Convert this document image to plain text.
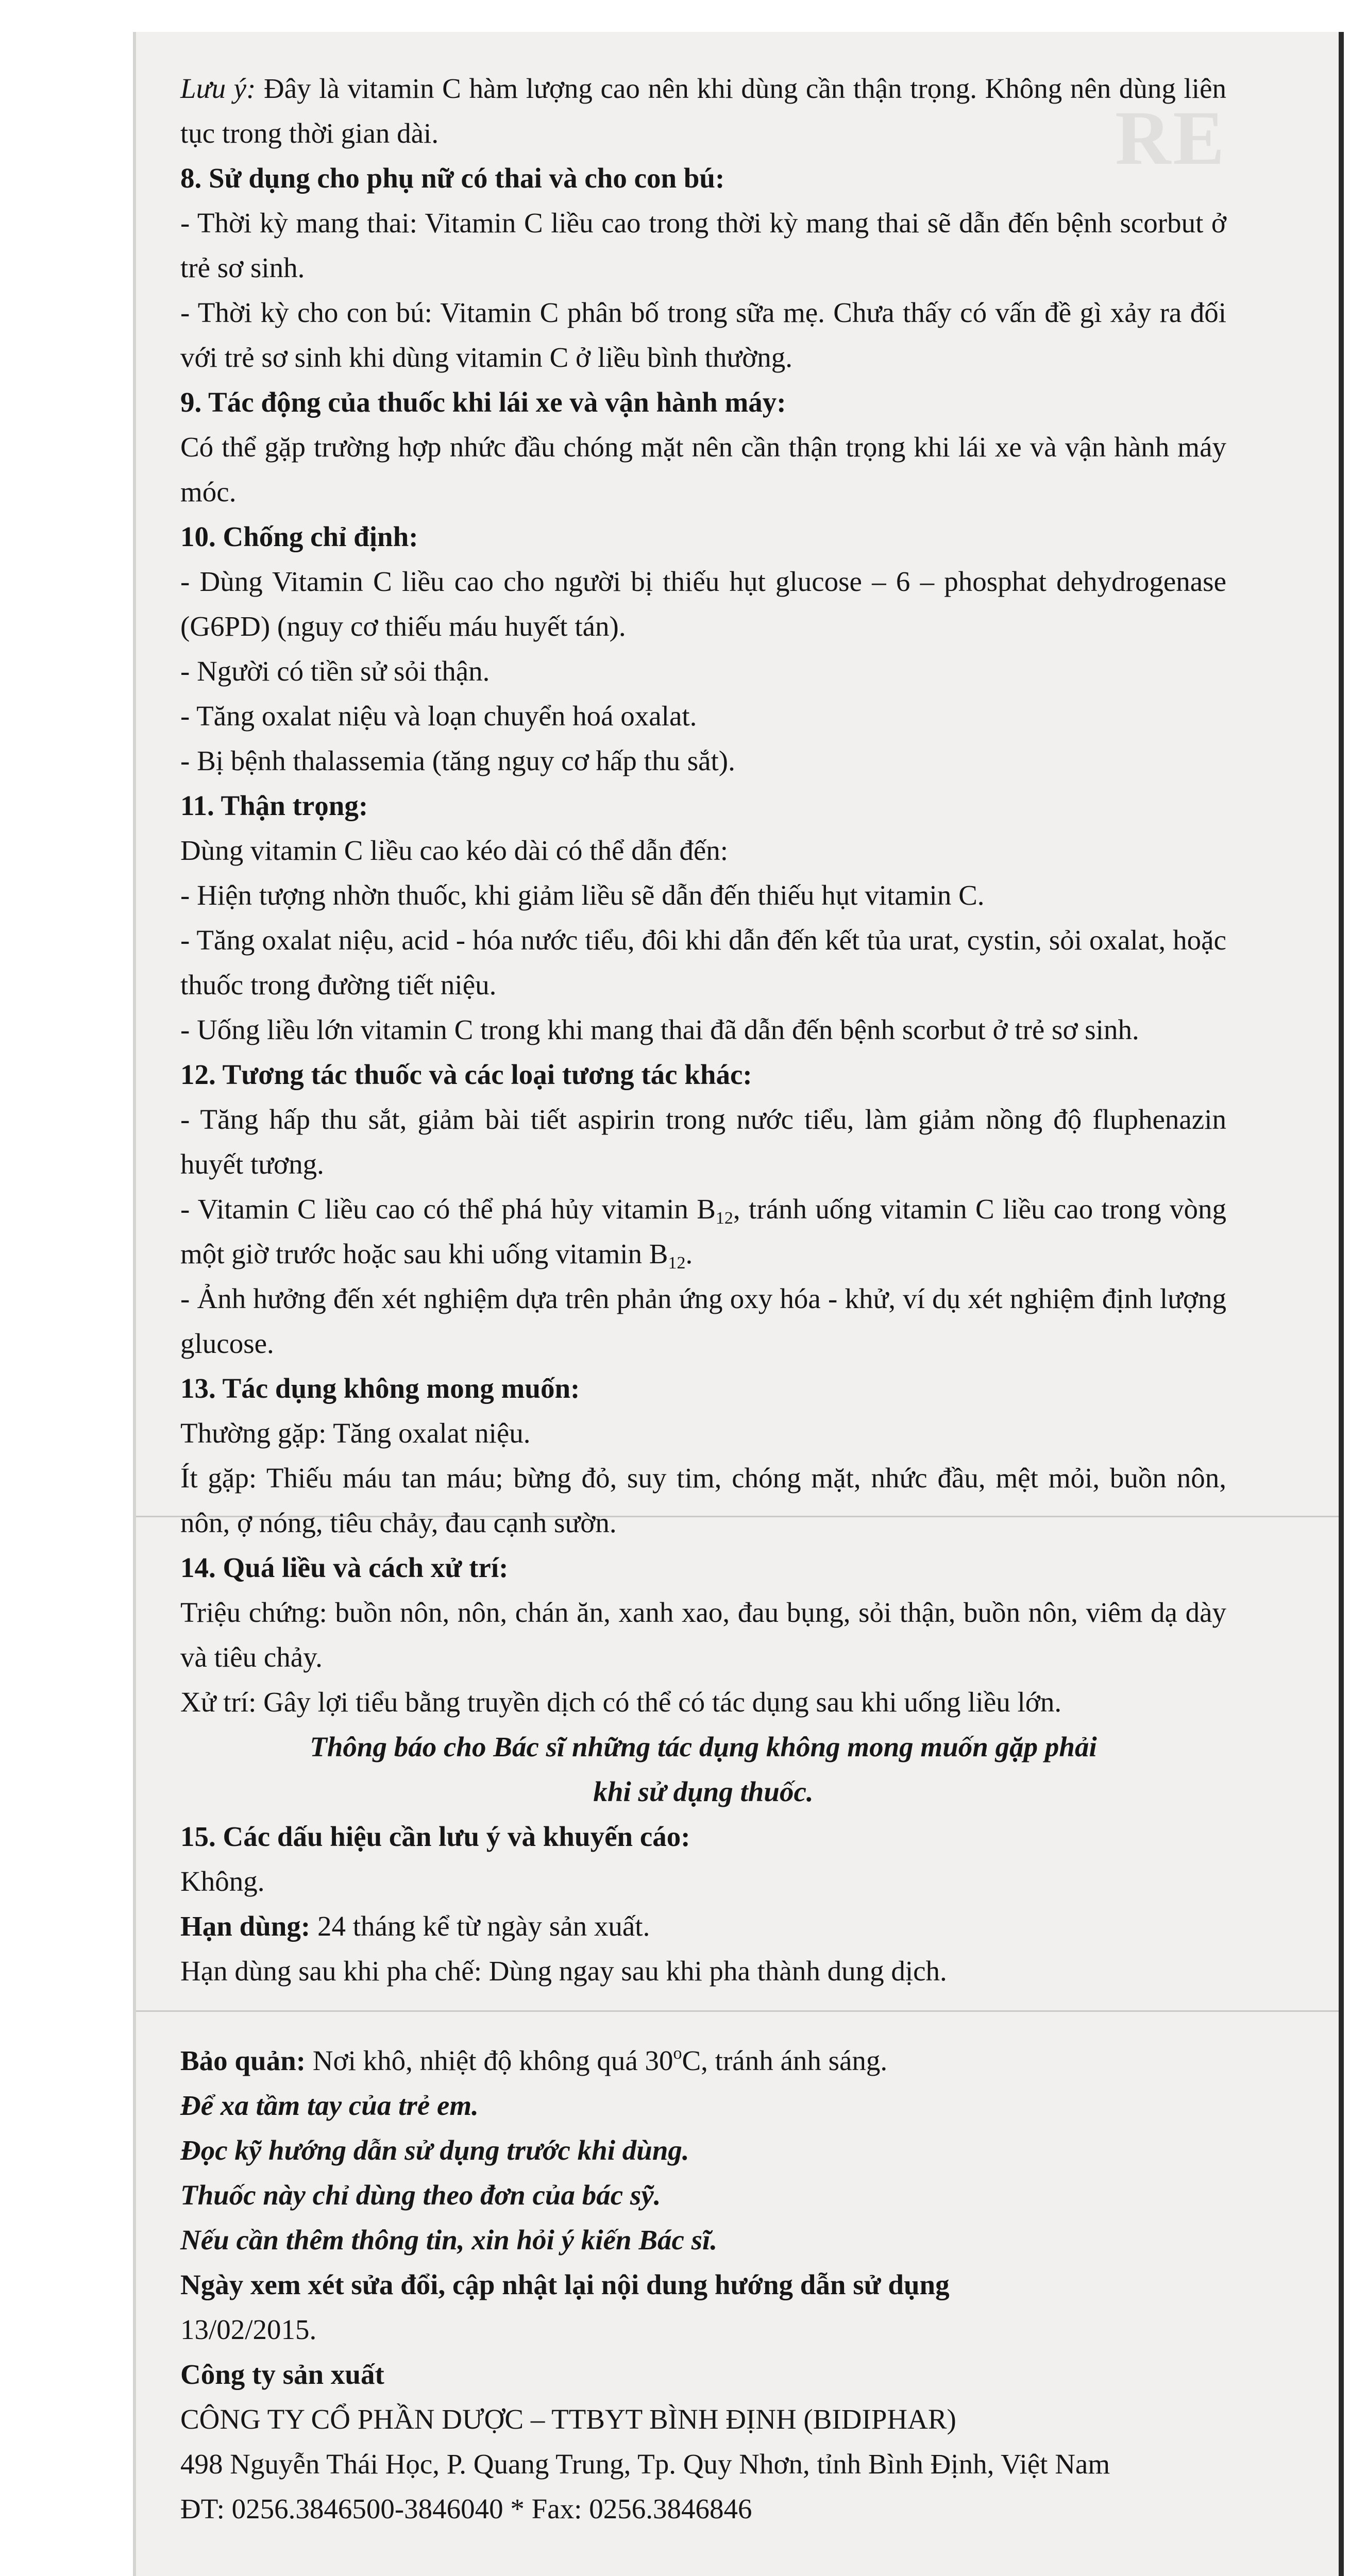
RE

Lưu ý: Đây là vitamin C hàm lượng cao nên khi dùng cần thận trọng. Không nên dùng liên tục trong thời gian dài.

8. Sử dụng cho phụ nữ có thai và cho con bú:

- Thời kỳ mang thai: Vitamin C liều cao trong thời kỳ mang thai sẽ dẫn đến bệnh scorbut ở trẻ sơ sinh.

- Thời kỳ cho con bú: Vitamin C phân bố trong sữa mẹ. Chưa thấy có vấn đề gì xảy ra đối với trẻ sơ sinh khi dùng vitamin C ở liều bình thường.

9. Tác động của thuốc khi lái xe và vận hành máy:

Có thể gặp trường hợp nhức đầu chóng mặt nên cần thận trọng khi lái xe và vận hành máy móc.

10. Chống chỉ định:

- Dùng Vitamin C liều cao cho người bị thiếu hụt glucose – 6 – phosphat dehydrogenase (G6PD) (nguy cơ thiếu máu huyết tán).

- Người có tiền sử sỏi thận.

- Tăng oxalat niệu và loạn chuyển hoá oxalat.

- Bị bệnh thalassemia (tăng nguy cơ hấp thu sắt).

11. Thận trọng:

Dùng vitamin C liều cao kéo dài có thể dẫn đến:

- Hiện tượng nhờn thuốc, khi giảm liều sẽ dẫn đến thiếu hụt vitamin C.

- Tăng oxalat niệu, acid - hóa nước tiểu, đôi khi dẫn đến kết tủa urat, cystin, sỏi oxalat, hoặc thuốc trong đường tiết niệu.

- Uống liều lớn vitamin C trong khi mang thai đã dẫn đến bệnh scorbut ở trẻ sơ sinh.

12. Tương tác thuốc và các loại tương tác khác:

- Tăng hấp thu sắt, giảm bài tiết aspirin trong nước tiểu, làm giảm nồng độ fluphenazin huyết tương.

- Vitamin C liều cao có thể phá hủy vitamin $B_{12}$, tránh uống vitamin C liều cao trong vòng một giờ trước hoặc sau khi uống vitamin $B_{12}$.

- Ảnh hưởng đến xét nghiệm dựa trên phản ứng oxy hóa - khử, ví dụ xét nghiệm định lượng glucose.

13. Tác dụng không mong muốn:

Thường gặp: Tăng oxalat niệu.

Ít gặp: Thiếu máu tan máu; bừng đỏ, suy tim, chóng mặt, nhức đầu, mệt mỏi, buồn nôn, nôn, ợ nóng, tiêu chảy, đau cạnh sườn.

14. Quá liều và cách xử trí:

Triệu chứng: buồn nôn, nôn, chán ăn, xanh xao, đau bụng, sỏi thận, buồn nôn, viêm dạ dày và tiêu chảy.

Xử trí: Gây lợi tiểu bằng truyền dịch có thể có tác dụng sau khi uống liều lớn.

Thông báo cho Bác sĩ những tác dụng không mong muốn gặp phải

khi sử dụng thuốc.

15. Các dấu hiệu cần lưu ý và khuyến cáo:

Không.

Hạn dùng: 24 tháng kể từ ngày sản xuất.

Hạn dùng sau khi pha chế: Dùng ngay sau khi pha thành dung dịch.

Bảo quản: Nơi khô, nhiệt độ không quá 30$^o$C, tránh ánh sáng.

Để xa tầm tay của trẻ em.

Đọc kỹ hướng dẫn sử dụng trước khi dùng.

Thuốc này chỉ dùng theo đơn của bác sỹ.

Nếu cần thêm thông tin, xin hỏi ý kiến Bác sĩ.

Ngày xem xét sửa đổi, cập nhật lại nội dung hướng dẫn sử dụng

13/02/2015.

Công ty sản xuất

CÔNG TY CỔ PHẦN DƯỢC – TTBYT BÌNH ĐỊNH (BIDIPHAR)

498 Nguyễn Thái Học, P. Quang Trung, Tp. Quy Nhơn, tỉnh Bình Định, Việt Nam

ĐT: 0256.3846500-3846040 * Fax: 0256.3846846
